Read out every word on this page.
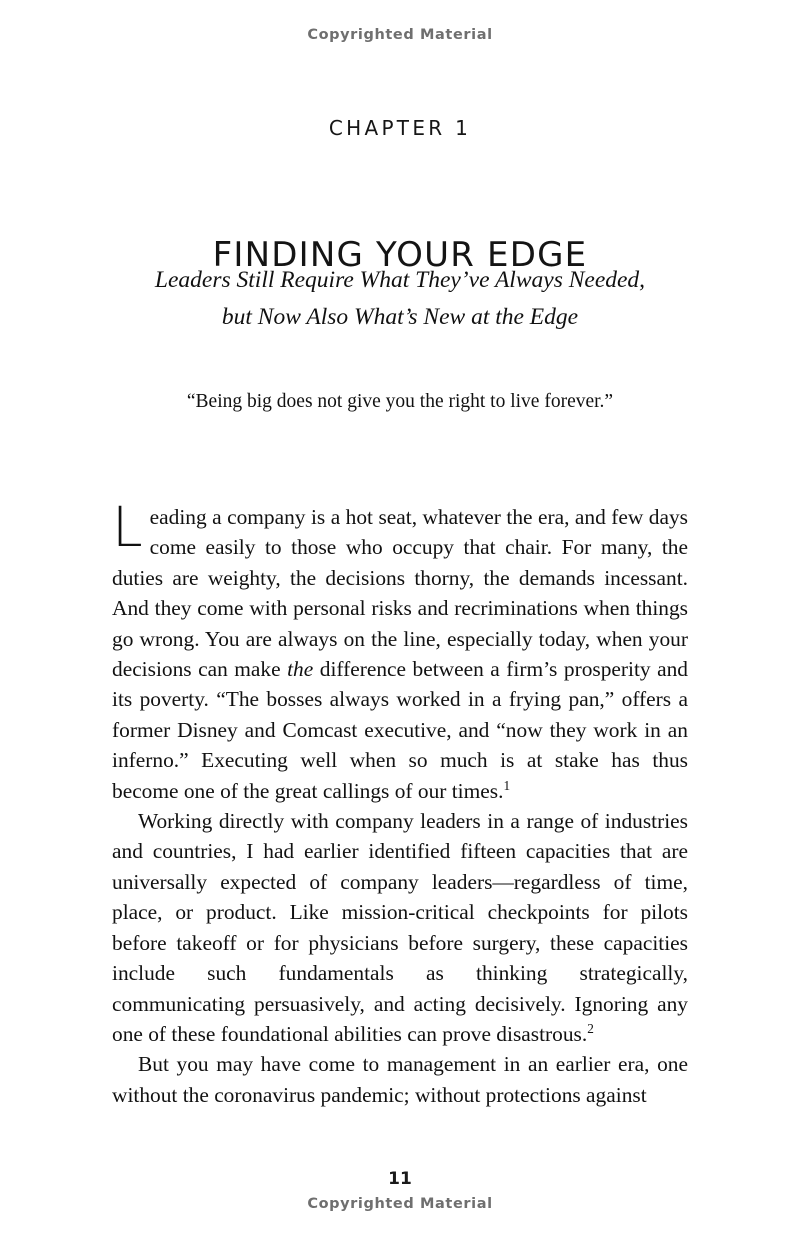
Copyrighted Material
CHAPTER 1
FINDING YOUR EDGE
Leaders Still Require What They’ve Always Needed,
but Now Also What’s New at the Edge
“Being big does not give you the right to live forever.”

Leading a company is a hot seat, whatever the era, and few days come easily to those who occupy that chair. For many, the duties are weighty, the decisions thorny, the demands incessant. And they come with personal risks and recriminations when things go wrong. You are always on the line, especially today, when your decisions can make the difference between a firm’s prosperity and its poverty. “The bosses always worked in a frying pan,” offers a former Disney and Comcast executive, and “now they work in an inferno.” Executing well when so much is at stake has thus become one of the great callings of our times.$^1$

Working directly with company leaders in a range of industries and countries, I had earlier identified fifteen capacities that are universally expected of company leaders—regardless of time, place, or product. Like mission-critical checkpoints for pilots before takeoff or for physicians before surgery, these capacities include such fundamentals as thinking strategically, communicating persuasively, and acting decisively. Ignoring any one of these foundational abilities can prove disastrous.$^2$

But you may have come to management in an earlier era, one without the coronavirus pandemic; without protections against

11
Copyrighted Material
